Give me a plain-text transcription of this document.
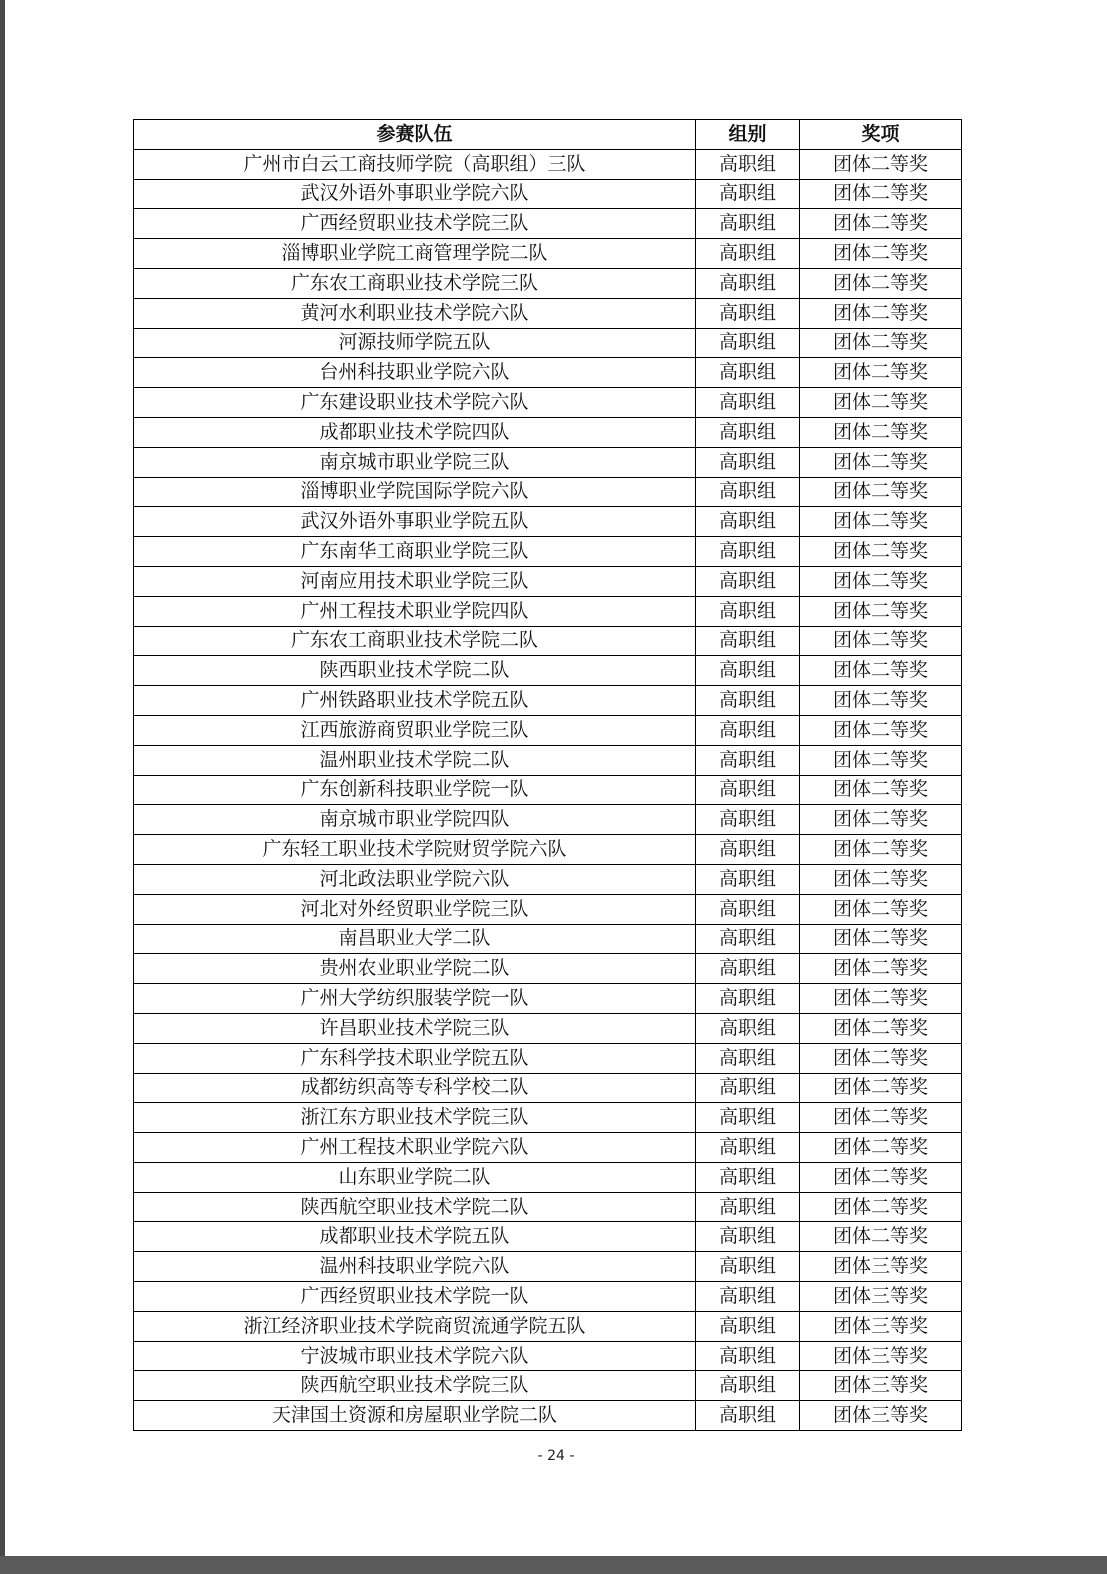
参赛队伍	组别	奖项
广州市白云工商技师学院（高职组）三队	高职组	团体二等奖
武汉外语外事职业学院六队	高职组	团体二等奖
广西经贸职业技术学院三队	高职组	团体二等奖
淄博职业学院工商管理学院二队	高职组	团体二等奖
广东农工商职业技术学院三队	高职组	团体二等奖
黄河水利职业技术学院六队	高职组	团体二等奖
河源技师学院五队	高职组	团体二等奖
台州科技职业学院六队	高职组	团体二等奖
广东建设职业技术学院六队	高职组	团体二等奖
成都职业技术学院四队	高职组	团体二等奖
南京城市职业学院三队	高职组	团体二等奖
淄博职业学院国际学院六队	高职组	团体二等奖
武汉外语外事职业学院五队	高职组	团体二等奖
广东南华工商职业学院三队	高职组	团体二等奖
河南应用技术职业学院三队	高职组	团体二等奖
广州工程技术职业学院四队	高职组	团体二等奖
广东农工商职业技术学院二队	高职组	团体二等奖
陕西职业技术学院二队	高职组	团体二等奖
广州铁路职业技术学院五队	高职组	团体二等奖
江西旅游商贸职业学院三队	高职组	团体二等奖
温州职业技术学院二队	高职组	团体二等奖
广东创新科技职业学院一队	高职组	团体二等奖
南京城市职业学院四队	高职组	团体二等奖
广东轻工职业技术学院财贸学院六队	高职组	团体二等奖
河北政法职业学院六队	高职组	团体二等奖
河北对外经贸职业学院三队	高职组	团体二等奖
南昌职业大学二队	高职组	团体二等奖
贵州农业职业学院二队	高职组	团体二等奖
广州大学纺织服装学院一队	高职组	团体二等奖
许昌职业技术学院三队	高职组	团体二等奖
广东科学技术职业学院五队	高职组	团体二等奖
成都纺织高等专科学校二队	高职组	团体二等奖
浙江东方职业技术学院三队	高职组	团体二等奖
广州工程技术职业学院六队	高职组	团体二等奖
山东职业学院二队	高职组	团体二等奖
陕西航空职业技术学院二队	高职组	团体二等奖
成都职业技术学院五队	高职组	团体二等奖
温州科技职业学院六队	高职组	团体三等奖
广西经贸职业技术学院一队	高职组	团体三等奖
浙江经济职业技术学院商贸流通学院五队	高职组	团体三等奖
宁波城市职业技术学院六队	高职组	团体三等奖
陕西航空职业技术学院三队	高职组	团体三等奖
天津国土资源和房屋职业学院二队	高职组	团体三等奖
- 24 -
